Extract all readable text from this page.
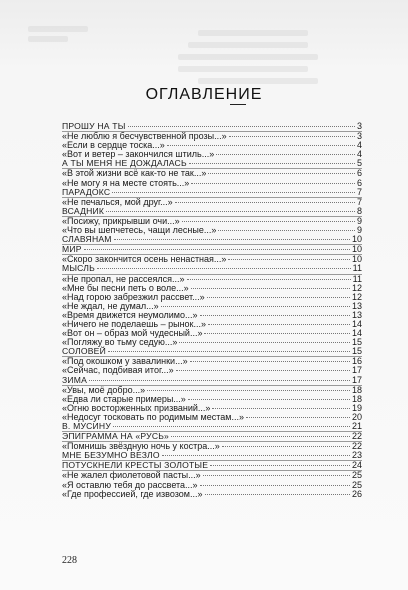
ОГЛАВЛЕНИЕ
ПРОШУ НА ТЫ	3
«Не люблю я бесчувственной прозы...»	3
«Если в сердце тоска...»	4
«Вот и ветер – закончился штиль...»	4
А ТЫ МЕНЯ НЕ ДОЖДАЛАСЬ	5
«В этой жизни всё как-то не так...»	6
«Не могу я на месте стоять...»	6
ПАРАДОКС	7
«Не печалься, мой друг...»	7
ВСАДНИК	8
«Посижу, прикрывши очи...»	9
«Что вы шепчетесь, чащи лесные...»	9
СЛАВЯНАМ	10
МИР	10
«Скоро закончится осень ненастная...»	10
МЫСЛЬ	11
«Не пропал, не рассеялся...»	11
«Мне бы песни петь о воле...»	12
«Над горою забрезжил рассвет...»	12
«Не ждал, не думал...»	13
«Время движется неумолимо...»	13
«Ничего не поделаешь – рынок...»	14
«Вот он – образ мой чудесный...»	14
«Погляжу во тьму седую...»	15
СОЛОВЕЙ	15
«Под окошком у завалинки...»	16
«Сейчас, подбивая итог...»	17
ЗИМА	17
«Увы, моё добро...»	18
«Едва ли старые примеры...»	18
«Огню восторженных призваний...»	19
«Недосуг тосковать по родимым местам...»	20
В. МУСИНУ	21
ЭПИГРАММА НА «РУСЬ»	22
«Помнишь звёздную ночь у костра...»	22
МНЕ БЕЗУМНО ВЕЗЛО	23
ПОТУСКНЕЛИ КРЕСТЫ ЗОЛОТЫЕ	24
«Не жалел фиолетовой пасты...»	25
«Я оставлю тебя до рассвета...»	25
«Где профессией, где извозом...»	26
228
